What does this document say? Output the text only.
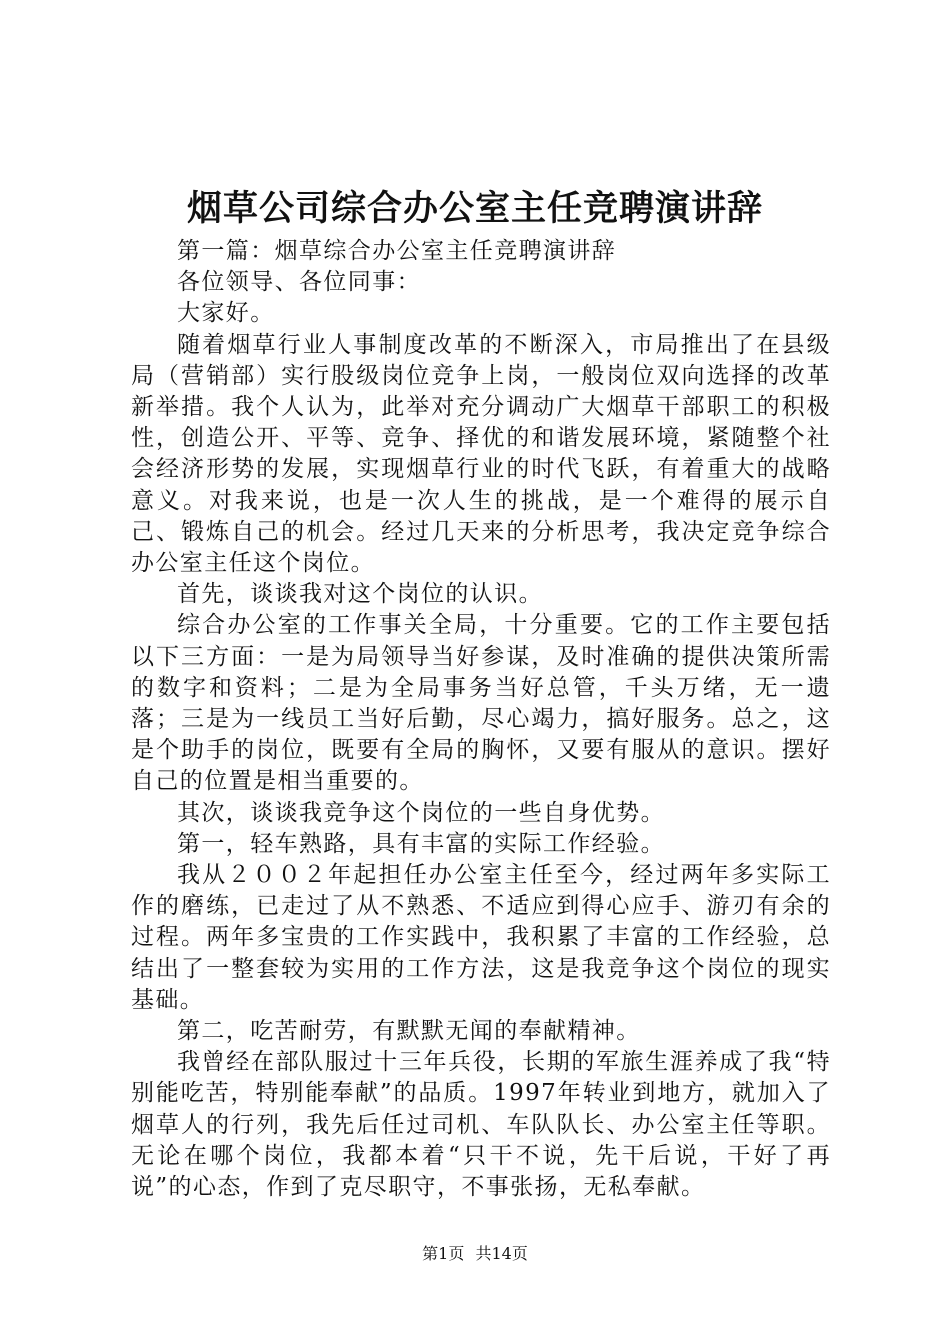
烟草公司综合办公室主任竞聘演讲辞

第一篇：烟草综合办公室主任竞聘演讲辞

各位领导、各位同事：

大家好。

随着烟草行业人事制度改革的不断深入，市局推出了在县级局（营销部）实行股级岗位竞争上岗，一般岗位双向选择的改革新举措。我个人认为，此举对充分调动广大烟草干部职工的积极性，创造公开、平等、竞争、择优的和谐发展环境，紧随整个社会经济形势的发展，实现烟草行业的时代飞跃，有着重大的战略意义。对我来说，也是一次人生的挑战，是一个难得的展示自己、锻炼自己的机会。经过几天来的分析思考，我决定竞争综合办公室主任这个岗位。

首先，谈谈我对这个岗位的认识。

综合办公室的工作事关全局，十分重要。它的工作主要包括以下三方面：一是为局领导当好参谋，及时准确的提供决策所需的数字和资料；二是为全局事务当好总管，千头万绪，无一遗落；三是为一线员工当好后勤，尽心竭力，搞好服务。总之，这是个助手的岗位，既要有全局的胸怀，又要有服从的意识。摆好自己的位置是相当重要的。

其次，谈谈我竞争这个岗位的一些自身优势。

第一，轻车熟路，具有丰富的实际工作经验。

我从２００２年起担任办公室主任至今，经过两年多实际工作的磨练，已走过了从不熟悉、不适应到得心应手、游刃有余的过程。两年多宝贵的工作实践中，我积累了丰富的工作经验，总结出了一整套较为实用的工作方法，这是我竞争这个岗位的现实基础。

第二，吃苦耐劳，有默默无闻的奉献精神。

我曾经在部队服过十三年兵役，长期的军旅生涯养成了我“特别能吃苦，特别能奉献”的品质。1997年转业到地方，就加入了烟草人的行列，我先后任过司机、车队队长、办公室主任等职。无论在哪个岗位，我都本着“只干不说，先干后说，干好了再说”的心态，作到了克尽职守，不事张扬，无私奉献。

第1页 共14页
